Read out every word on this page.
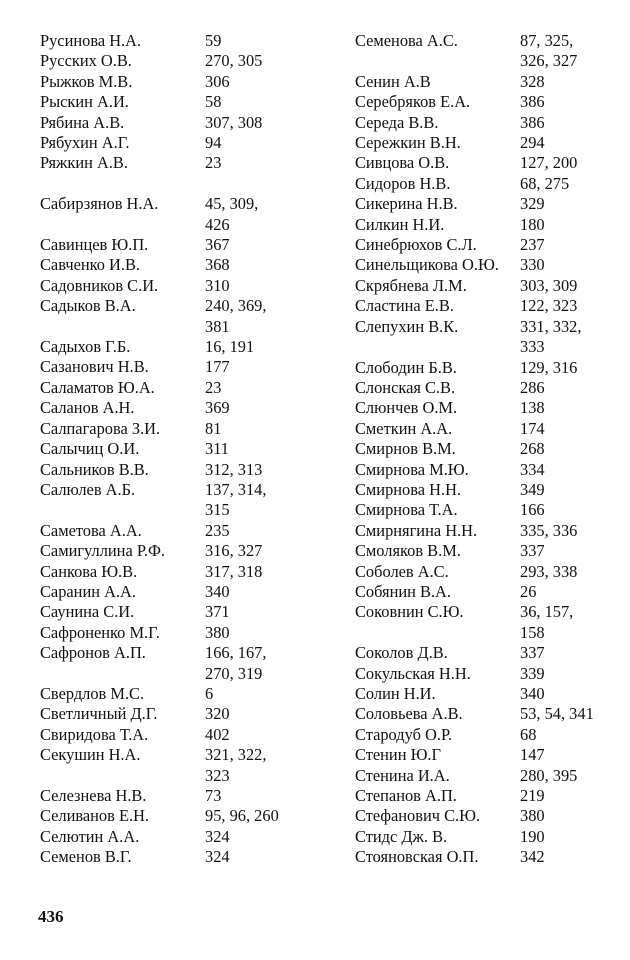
Русинова Н.А.	59
Русских О.В.	270, 305
Рыжков М.В.	306
Рыскин А.И.	58
Рябина А.В.	307, 308
Рябухин А.Г.	94
Ряжкин А.В.	23
Сабирзянов Н.А.	45, 309,
426
Савинцев Ю.П.	367
Савченко И.В.	368
Садовников С.И.	310
Садыков В.А.	240, 369,
381
Садыхов Г.Б.	16, 191
Сазанович Н.В.	177
Саламатов Ю.А.	23
Саланов А.Н.	369
Салпагарова З.И.	81
Салычиц О.И.	311
Сальников В.В.	312, 313
Салюлев А.Б.	137, 314,
315
Саметова А.А.	235
Самигуллина Р.Ф.	316, 327
Санкова Ю.В.	317, 318
Саранин А.А.	340
Саунина С.И.	371
Сафроненко М.Г.	380
Сафронов А.П.	166, 167,
270, 319
Свердлов М.С.	6
Светличный Д.Г.	320
Свиридова Т.А.	402
Секушин Н.А.	321, 322,
323
Селезнева Н.В.	73
Селиванов Е.Н.	95, 96, 260
Селютин А.А.	324
Семенов В.Г.	324
Семенова А.С.	87, 325,
326, 327
Сенин А.В	328
Серебряков Е.А.	386
Середа В.В.	386
Сережкин В.Н.	294
Сивцова О.В.	127, 200
Сидоров Н.В.	68, 275
Сикерина Н.В.	329
Силкин Н.И.	180
Синебрюхов С.Л.	237
Синельщикова О.Ю.	330
Скрябнева Л.М.	303, 309
Сластина Е.В.	122, 323
Слепухин В.К.	331, 332,
333
Слободин Б.В.	129, 316
Слонская С.В.	286
Слюнчев О.М.	138
Сметкин А.А.	174
Смирнов В.М.	268
Смирнова М.Ю.	334
Смирнова Н.Н.	349
Смирнова Т.А.	166
Смирнягина Н.Н.	335, 336
Смоляков В.М.	337
Соболев А.С.	293, 338
Собянин В.А.	26
Соковнин С.Ю.	36, 157,
158
Соколов Д.В.	337
Сокульская Н.Н.	339
Солин Н.И.	340
Соловьева А.В.	53, 54, 341
Стародуб О.Р.	68
Стенин Ю.Г	147
Стенина И.А.	280, 395
Степанов А.П.	219
Стефанович С.Ю.	380
Стидс Дж. В.	190
Стояновская О.П.	342
436
